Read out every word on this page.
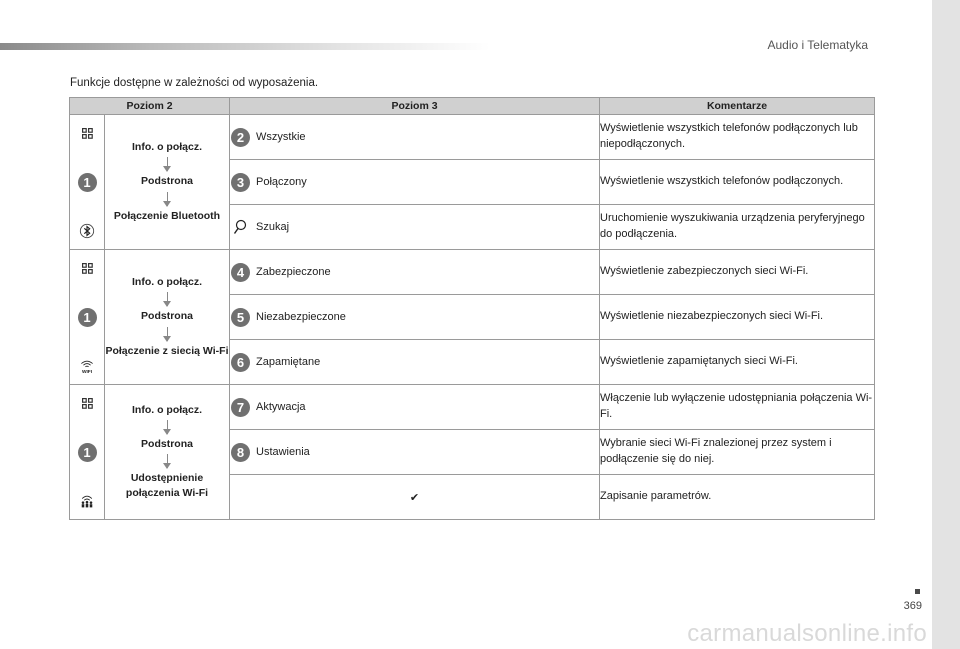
Audio i Telematyka
Funkcje dostępne w zależności od wyposażenia.
Poziom 2		Poziom 3	Komentarze

1	Info. o połącz.
Podstrona
Połączenie Bluetooth	2 Wszystkie	Wyświetlenie wszystkich telefonów podłączonych lub niepodłączonych.

3 Połączony	Wyświetlenie wszystkich telefonów podłączonych.

		Szukaj	Uruchomienie wyszukiwania urządzenia peryferyjnego do podłączenia.

1
WIFI	Info. o połącz.
Podstrona
Połączenie z siecią Wi-Fi	4 Zabezpieczone	Wyświetlenie zabezpieczonych sieci Wi-Fi.

5 Niezabezpieczone	Wyświetlenie niezabezpieczonych sieci Wi-Fi.

6 Zapamiętane	Wyświetlenie zapamiętanych sieci Wi-Fi.

1	Info. o połącz.
Podstrona
Udostępnienie połączenia Wi-Fi	7 Aktywacja	Włączenie lub wyłączenie udostępniania połączenia Wi-Fi.

8 Ustawienia	Wybranie sieci Wi-Fi znalezionej przez system i podłączenie się do niej.
		✔	Zapisanie parametrów.
369
carmanualsonline.info
